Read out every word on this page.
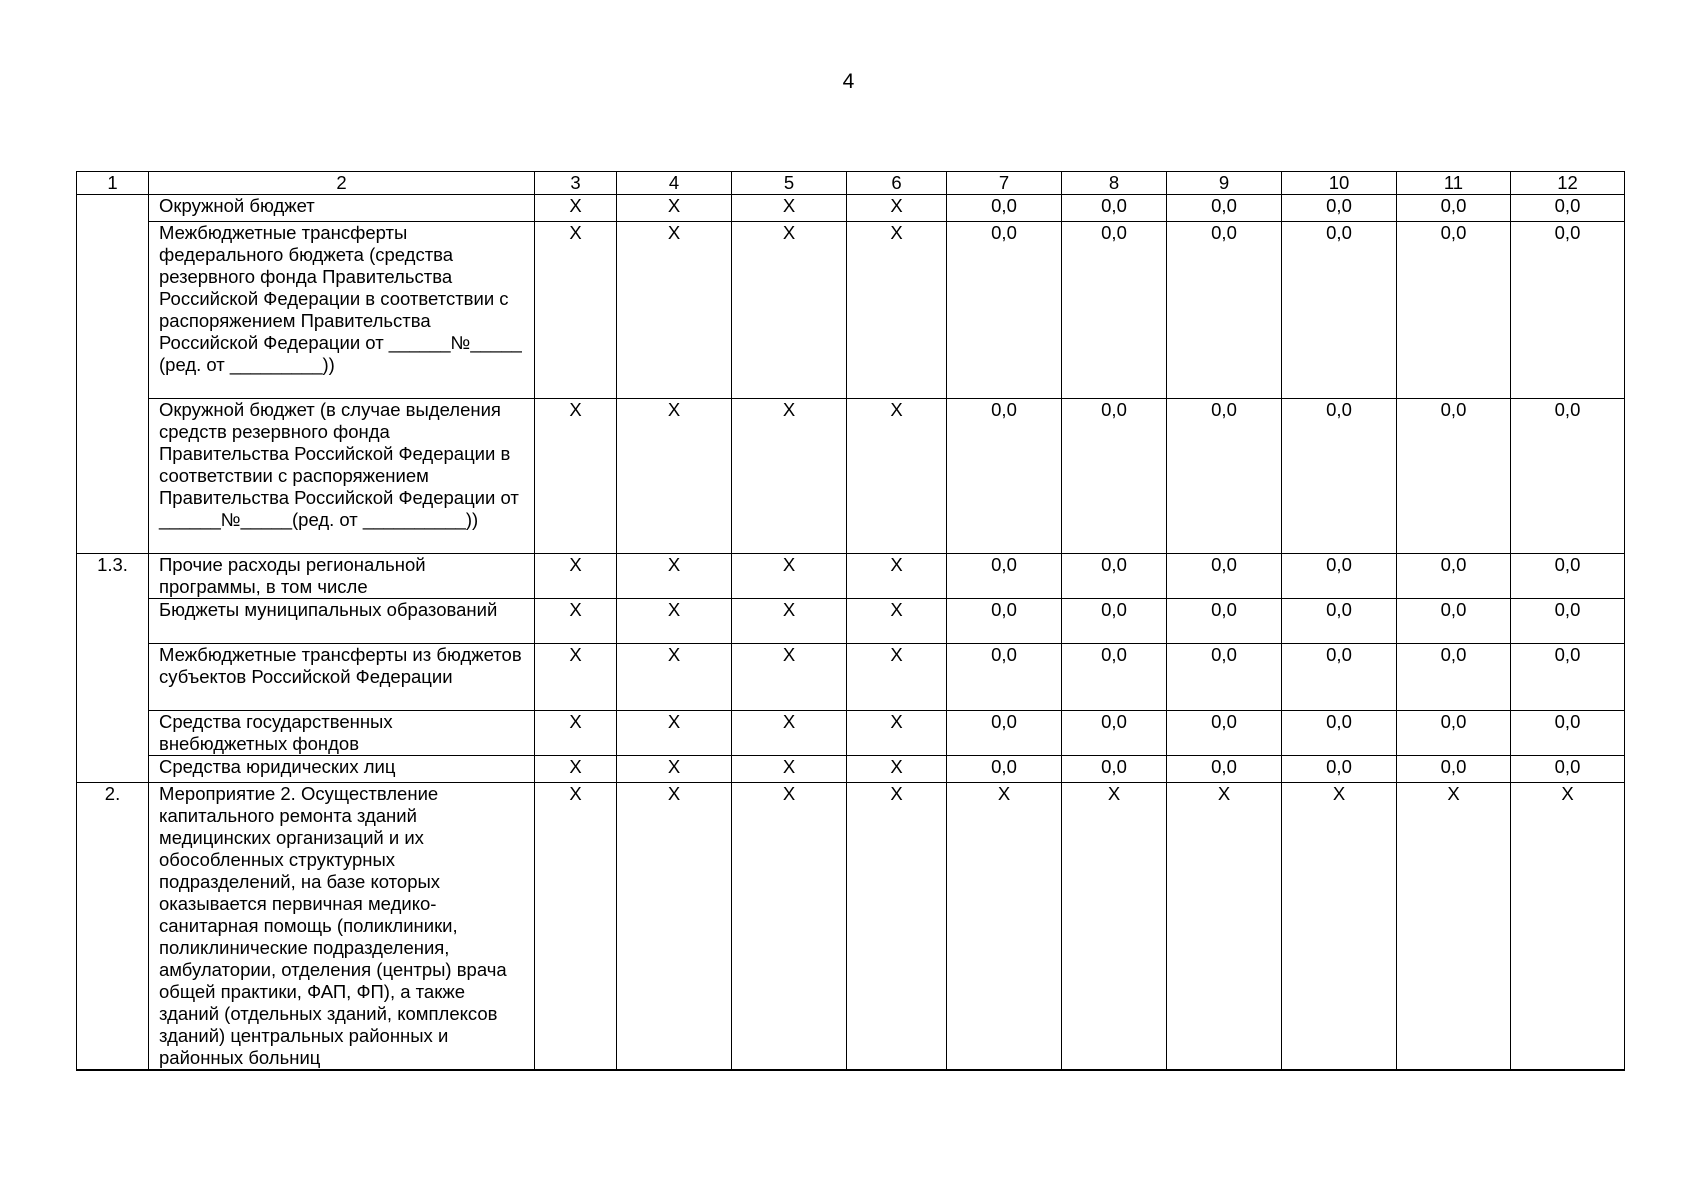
4
1	2	3	4	5	6	7	8	9	10	11	12
	Окружной бюджет	X	X	X	X	0,0	0,0	0,0	0,0	0,0	0,0
	Межбюджетные трансферты федерального бюджета (средства резервного фонда Правительства Российской Федерации в соответствии с распоряжением Правительства Российской Федерации от ______№_____ (ред. от _________))	X	X	X	X	0,0	0,0	0,0	0,0	0,0	0,0
	Окружной бюджет (в случае выделения средств резервного фонда Правительства Российской Федерации в соответствии с распоряжением Правительства Российской Федерации от ______№_____(ред. от __________))	X	X	X	X	0,0	0,0	0,0	0,0	0,0	0,0
1.3.	Прочие расходы региональной программы, в том числе	X	X	X	X	0,0	0,0	0,0	0,0	0,0	0,0
	Бюджеты муниципальных образований	X	X	X	X	0,0	0,0	0,0	0,0	0,0	0,0
	Межбюджетные трансферты из бюджетов субъектов Российской Федерации	X	X	X	X	0,0	0,0	0,0	0,0	0,0	0,0
	Средства государственных внебюджетных фондов	X	X	X	X	0,0	0,0	0,0	0,0	0,0	0,0
	Средства юридических лиц	X	X	X	X	0,0	0,0	0,0	0,0	0,0	0,0
2.	Мероприятие 2. Осуществление капитального ремонта зданий медицинских организаций и их обособленных структурных подразделений, на базе которых оказывается первичная медико-санитарная помощь (поликлиники, поликлинические подразделения, амбулатории, отделения (центры) врача общей практики, ФАП, ФП), а также зданий (отдельных зданий, комплексов зданий) центральных районных и районных больниц	X	X	X	X	X	X	X	X	X	X
